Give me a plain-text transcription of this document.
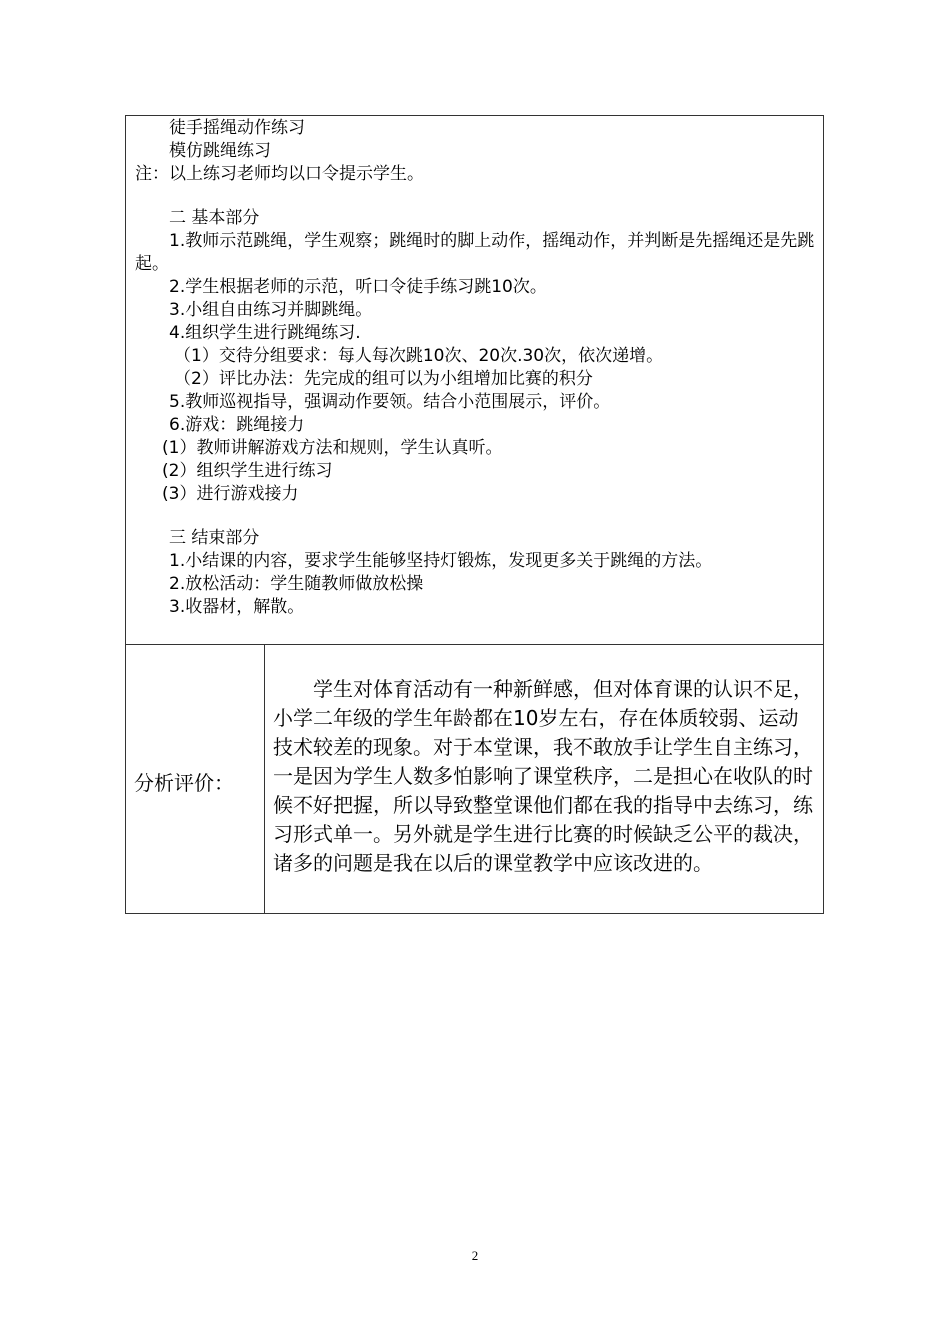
徒手摇绳动作练习
模仿跳绳练习
注：以上练习老师均以口令提示学生。
二 基本部分
1.教师示范跳绳，学生观察；跳绳时的脚上动作，摇绳动作，并判断是先摇绳还是先跳起。
2.学生根据老师的示范，听口令徒手练习跳10次。
3.小组自由练习并脚跳绳。
4.组织学生进行跳绳练习.
（1）交待分组要求：每人每次跳10次、20次.30次，依次递增。
（2）评比办法：先完成的组可以为小组增加比赛的积分
5.教师巡视指导，强调动作要领。结合小范围展示，评价。
6.游戏：跳绳接力
(1）教师讲解游戏方法和规则，学生认真听。
(2）组织学生进行练习
(3）进行游戏接力
三 结束部分
1.小结课的内容，要求学生能够坚持灯锻炼，发现更多关于跳绳的方法。
2.放松活动：学生随教师做放松操
3.收器材，解散。
分析评价：
学生对体育活动有一种新鲜感，但对体育课的认识不足，小学二年级的学生年龄都在10岁左右，存在体质较弱、运动技术较差的现象。对于本堂课，我不敢放手让学生自主练习，一是因为学生人数多怕影响了课堂秩序，二是担心在收队的时候不好把握，所以导致整堂课他们都在我的指导中去练习，练习形式单一。另外就是学生进行比赛的时候缺乏公平的裁决，诸多的问题是我在以后的课堂教学中应该改进的。
2
